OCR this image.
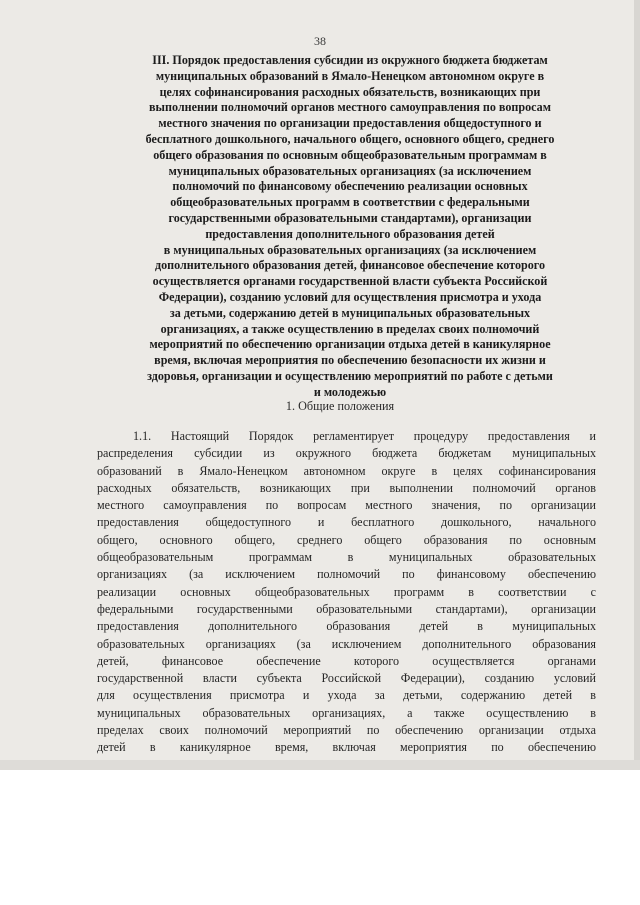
38
III. Порядок предоставления субсидии из окружного бюджета бюджетам
муниципальных образований в Ямало-Ненецком автономном округе в
целях софинансирования расходных обязательств, возникающих при
выполнении полномочий органов местного самоуправления по вопросам
местного значения по организации предоставления общедоступного и
бесплатного дошкольного, начального общего, основного общего, среднего
общего образования по основным общеобразовательным программам в
муниципальных образовательных организациях (за исключением
полномочий по финансовому обеспечению реализации основных
общеобразовательных программ в соответствии с федеральными
государственными образовательными стандартами), организации
предоставления дополнительного образования детей
в муниципальных образовательных организациях (за исключением
дополнительного образования детей, финансовое обеспечение которого
осуществляется органами государственной власти субъекта Российской
Федерации), созданию условий для осуществления присмотра и ухода
за детьми, содержанию детей в муниципальных образовательных
организациях, а также осуществлению в пределах своих полномочий
мероприятий по обеспечению организации отдыха детей в каникулярное
время, включая мероприятия по обеспечению безопасности их жизни и
здоровья, организации и осуществлению мероприятий по работе с детьми
и молодежью
1. Общие положения
1.1. Настоящий Порядок регламентирует процедуру предоставления и
распределения субсидии из окружного бюджета бюджетам муниципальных
образований в Ямало-Ненецком автономном округе в целях софинансирования
расходных обязательств, возникающих при выполнении полномочий органов
местного самоуправления по вопросам местного значения, по организации
предоставления общедоступного и бесплатного дошкольного, начального
общего, основного общего, среднего общего образования по основным
общеобразовательным программам в муниципальных образовательных
организациях (за исключением полномочий по финансовому обеспечению
реализации основных общеобразовательных программ в соответствии с
федеральными государственными образовательными стандартами), организации
предоставления дополнительного образования детей в муниципальных
образовательных организациях (за исключением дополнительного образования
детей, финансовое обеспечение которого осуществляется органами
государственной власти субъекта Российской Федерации), созданию условий
для осуществления присмотра и ухода за детьми, содержанию детей в
муниципальных образовательных организациях, а также осуществлению в
пределах своих полномочий мероприятий по обеспечению организации отдыха
детей в каникулярное время, включая мероприятия по обеспечению
